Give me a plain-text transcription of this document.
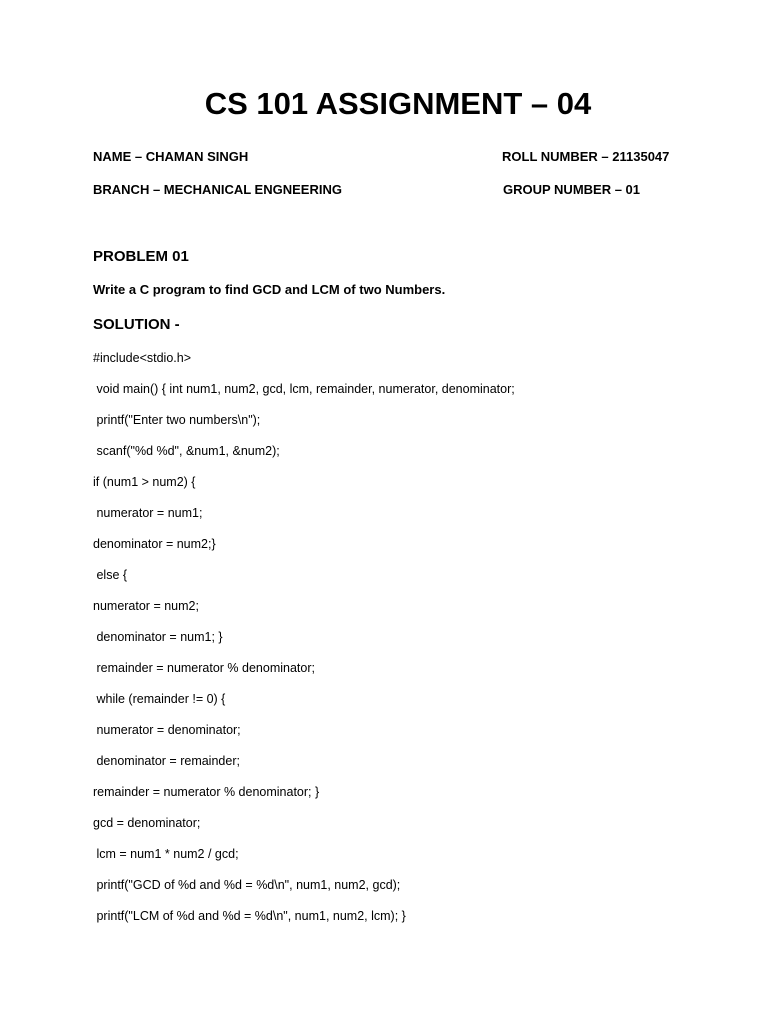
CS 101 ASSIGNMENT – 04
NAME – CHAMAN SINGH	ROLL NUMBER – 21135047
BRANCH – MECHANICAL ENGNEERING	GROUP NUMBER – 01
PROBLEM 01

Write a C program to find GCD and LCM of two Numbers.

SOLUTION -
#include<stdio.h>
void main() { int num1, num2, gcd, lcm, remainder, numerator, denominator;
printf("Enter two numbers\n");
scanf("%d %d", &num1, &num2);
if (num1 > num2) {
numerator = num1;
denominator = num2;}
else {
numerator = num2;
denominator = num1; }
remainder = numerator % denominator;
while (remainder != 0) {
numerator = denominator;
denominator = remainder;
remainder = numerator % denominator; }
gcd = denominator;
lcm = num1 * num2 / gcd;
printf("GCD of %d and %d = %d\n", num1, num2, gcd);
printf("LCM of %d and %d = %d\n", num1, num2, lcm); }
